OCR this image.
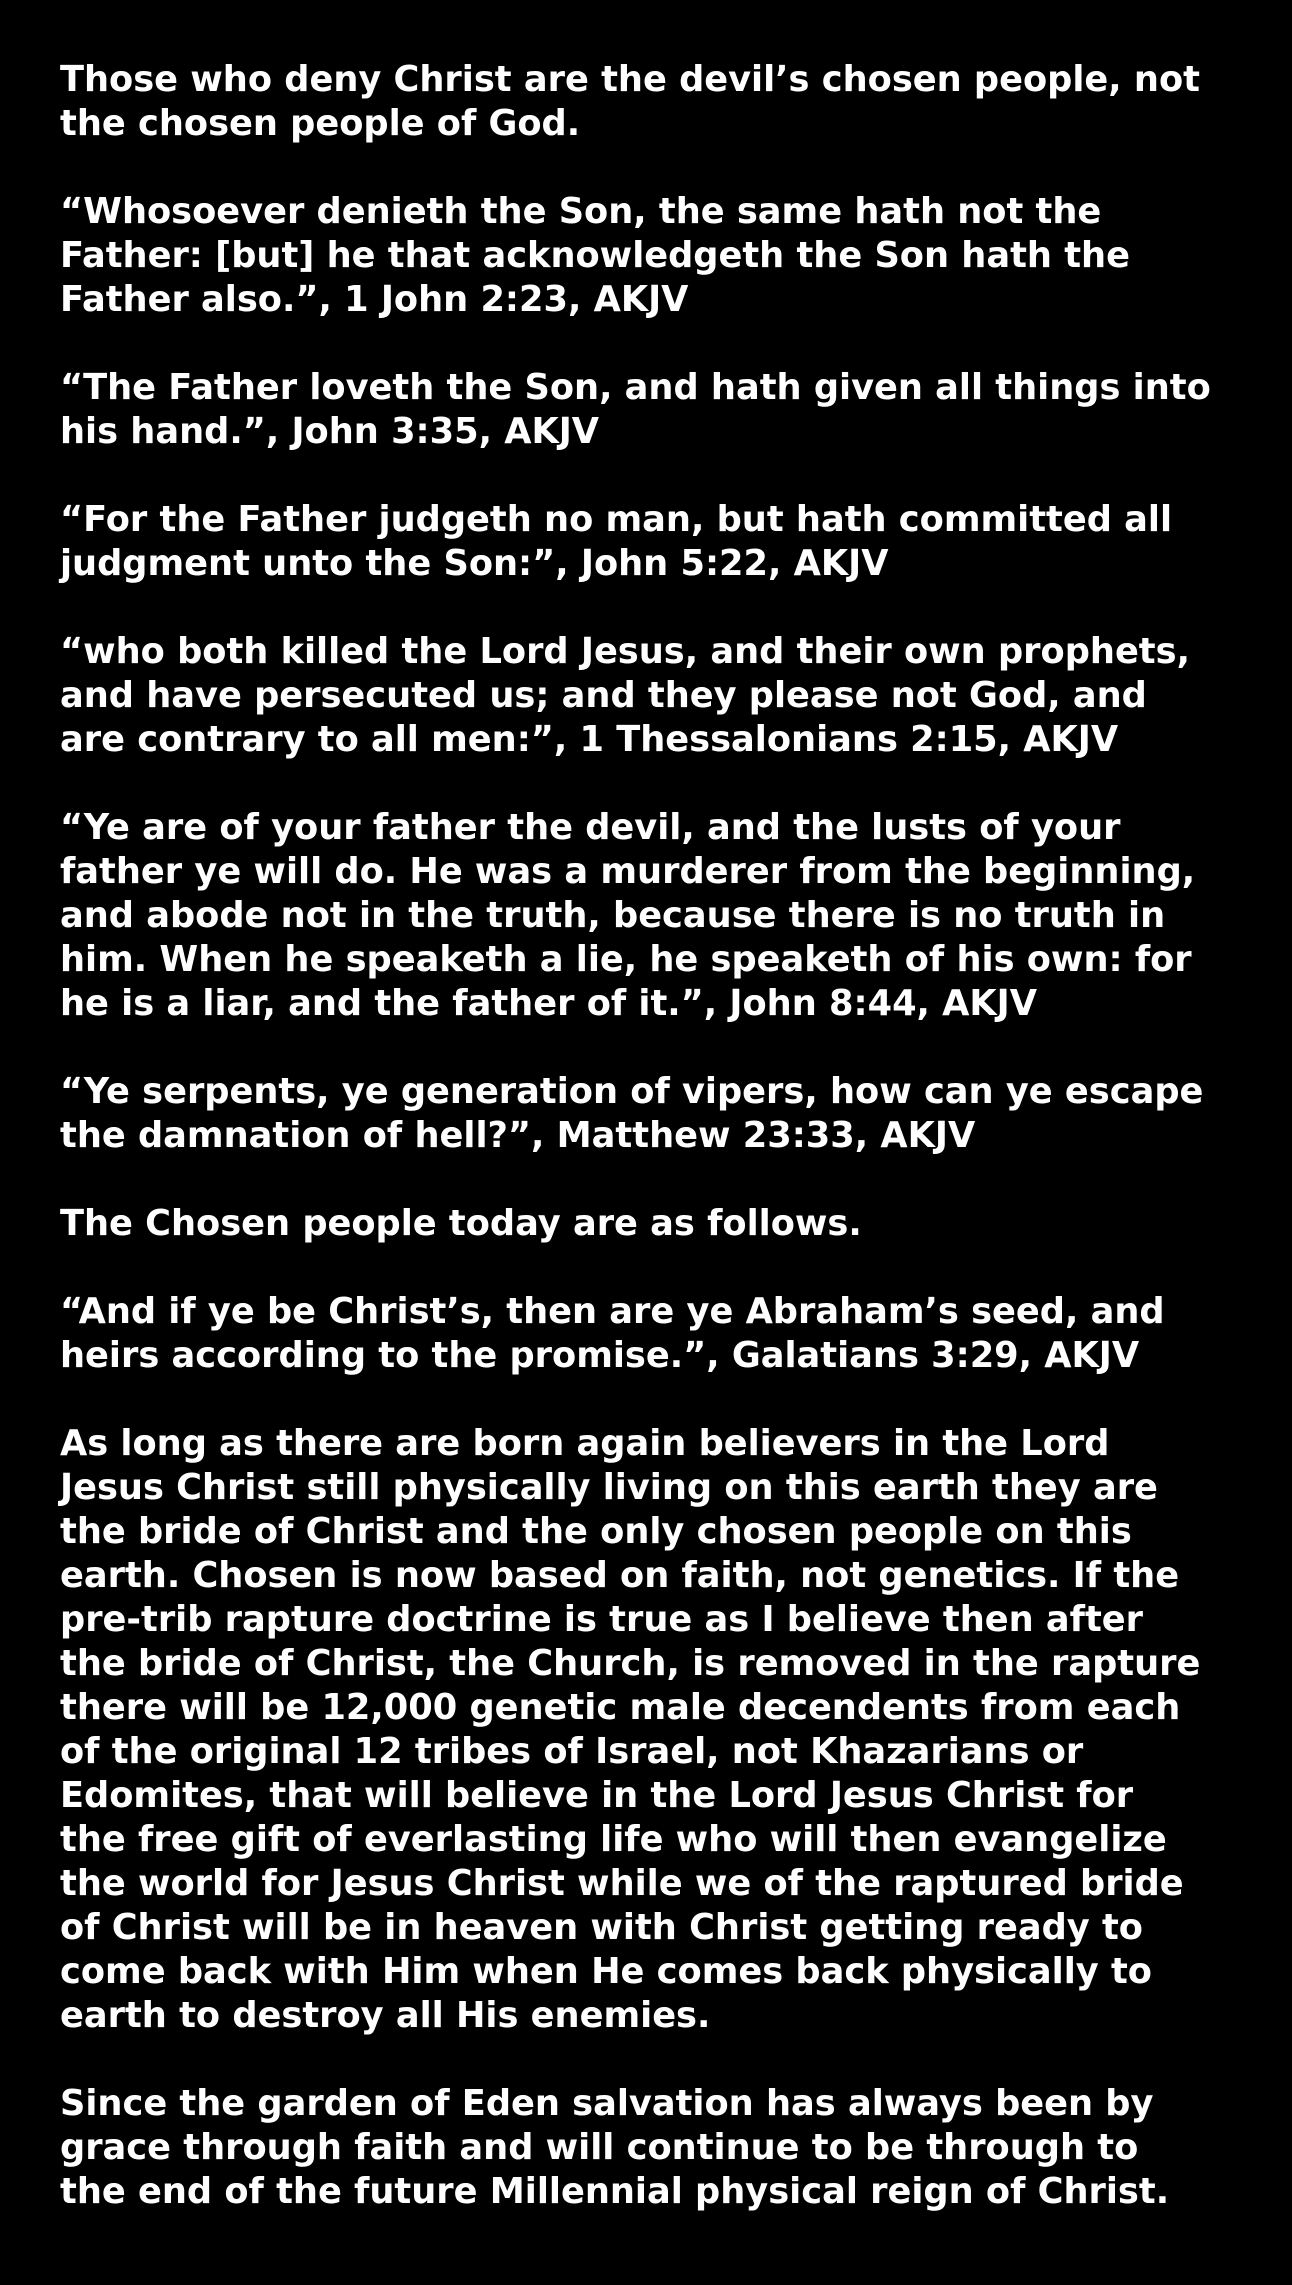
Those who deny Christ are the devil’s chosen people, not
the chosen people of God.
“Whosoever denieth the Son, the same hath not the
Father: [but] he that acknowledgeth the Son hath the
Father also.”, 1 John 2:23, AKJV
“The Father loveth the Son, and hath given all things into
his hand.”, John 3:35, AKJV
“For the Father judgeth no man, but hath committed all
judgment unto the Son:”, John 5:22, AKJV
“who both killed the Lord Jesus, and their own prophets,
and have persecuted us; and they please not God, and
are contrary to all men:”, 1 Thessalonians 2:15, AKJV
“Ye are of your father the devil, and the lusts of your
father ye will do. He was a murderer from the beginning,
and abode not in the truth, because there is no truth in
him. When he speaketh a lie, he speaketh of his own: for
he is a liar, and the father of it.”, John 8:44, AKJV
“Ye serpents, ye generation of vipers, how can ye escape
the damnation of hell?”, Matthew 23:33, AKJV
The Chosen people today are as follows.
“And if ye be Christ’s, then are ye Abraham’s seed, and
heirs according to the promise.”, Galatians 3:29, AKJV
As long as there are born again believers in the Lord
Jesus Christ still physically living on this earth they are
the bride of Christ and the only chosen people on this
earth. Chosen is now based on faith, not genetics. If the
pre-trib rapture doctrine is true as I believe then after
the bride of Christ, the Church, is removed in the rapture
there will be 12,000 genetic male decendents from each
of the original 12 tribes of Israel, not Khazarians or
Edomites, that will believe in the Lord Jesus Christ for
the free gift of everlasting life who will then evangelize
the world for Jesus Christ while we of the raptured bride
of Christ will be in heaven with Christ getting ready to
come back with Him when He comes back physically to
earth to destroy all His enemies.
Since the garden of Eden salvation has always been by
grace through faith and will continue to be through to
the end of the future Millennial physical reign of Christ.
